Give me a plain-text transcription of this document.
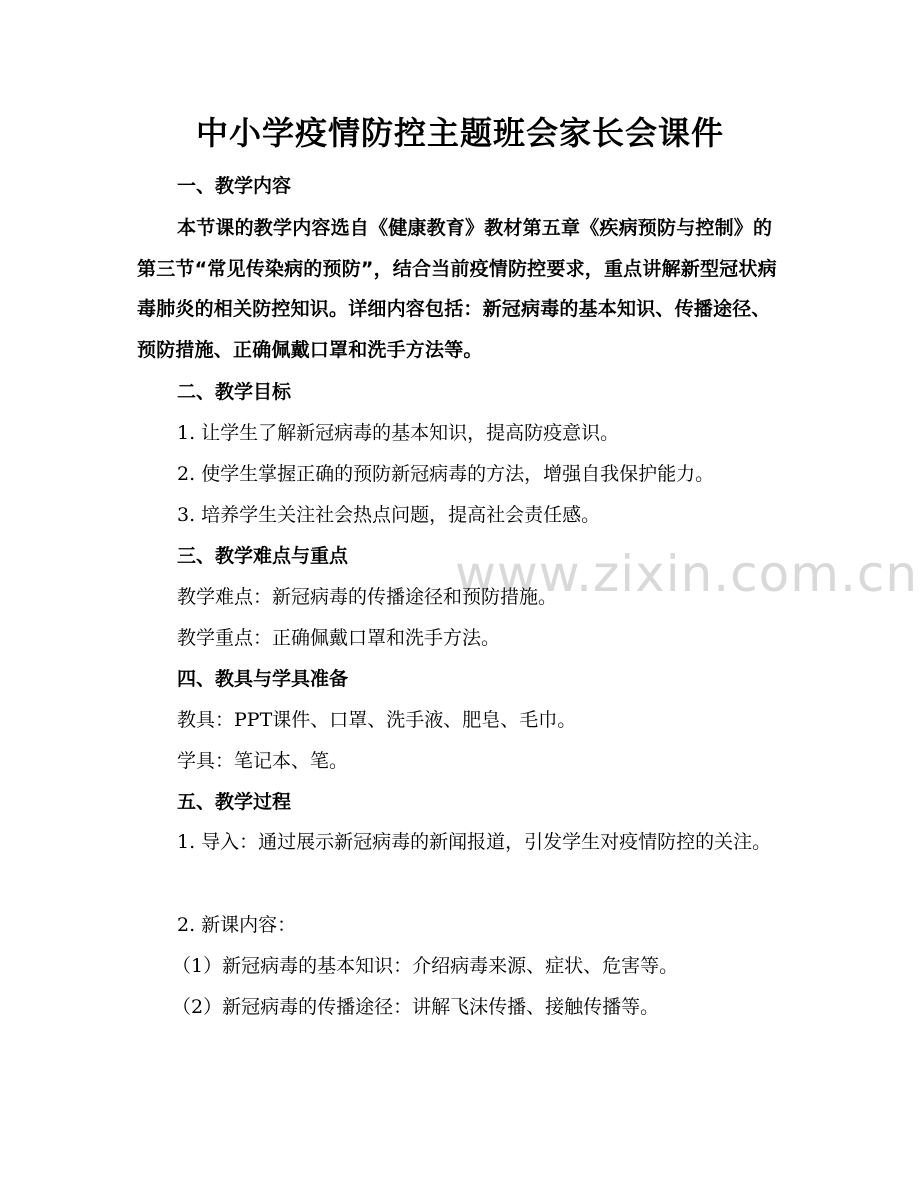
www.zixin.com.cn
中小学疫情防控主题班会家长会课件
一、教学内容
本节课的教学内容选自《健康教育》教材第五章《疾病预防与控制》的第三节“常见传染病的预防”，结合当前疫情防控要求，重点讲解新型冠状病毒肺炎的相关防控知识。详细内容包括：新冠病毒的基本知识、传播途径、预防措施、正确佩戴口罩和洗手方法等。
二、教学目标
1. 让学生了解新冠病毒的基本知识，提高防疫意识。
2. 使学生掌握正确的预防新冠病毒的方法，增强自我保护能力。
3. 培养学生关注社会热点问题，提高社会责任感。
三、教学难点与重点
教学难点：新冠病毒的传播途径和预防措施。
教学重点：正确佩戴口罩和洗手方法。
四、教具与学具准备
教具：PPT课件、口罩、洗手液、肥皂、毛巾。
学具：笔记本、笔。
五、教学过程
1. 导入：通过展示新冠病毒的新闻报道，引发学生对疫情防控的关注。
2. 新课内容：
（1）新冠病毒的基本知识：介绍病毒来源、症状、危害等。
（2）新冠病毒的传播途径：讲解飞沫传播、接触传播等。
